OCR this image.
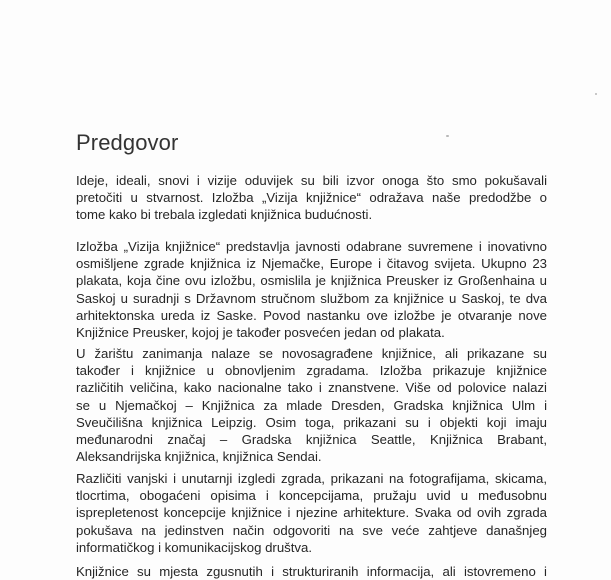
Predgovor
Ideje, ideali, snovi i vizije oduvijek su bili izvor onoga što smo pokušavali
pretočiti u stvarnost. Izložba „Vizija knjižnice“ odražava naše predodžbe o
tome kako bi trebala izgledati knjižnica budućnosti.
Izložba „Vizija knjižnice“ predstavlja javnosti odabrane suvremene i inovativno
osmišljene zgrade knjižnica iz Njemačke, Europe i čitavog svijeta. Ukupno 23
plakata, koja čine ovu izložbu, osmislila je knjižnica Preusker iz Großenhaina u
Saskoj u suradnji s Državnom stručnom službom za knjižnice u Saskoj, te dva
arhitektonska ureda iz Saske. Povod nastanku ove izložbe je otvaranje nove
Knjižnice Preusker, kojoj je također posvećen jedan od plakata.
U žarištu zanimanja nalaze se novosagrađene knjižnice, ali prikazane su
također i knjižnice u obnovljenim zgradama. Izložba prikazuje knjižnice
različitih veličina, kako nacionalne tako i znanstvene. Više od polovice nalazi
se u Njemačkoj – Knjižnica za mlade Dresden, Gradska knjižnica Ulm i
Sveučilišna knjižnica Leipzig. Osim toga, prikazani su i objekti koji imaju
međunarodni značaj – Gradska knjižnica Seattle, Knjižnica Brabant,
Aleksandrijska knjižnica, knjižnica Sendai.
Različiti vanjski i unutarnji izgledi zgrada, prikazani na fotografijama, skicama,
tlocrtima, obogaćeni opisima i koncepcijama, pružaju uvid u međusobnu
isprepletenost koncepcije knjižnice i njezine arhitekture. Svaka od ovih zgrada
pokušava na jedinstven način odgovoriti na sve veće zahtjeve današnjeg
informatičkog i komunikacijskog društva.
Knjižnice su mjesta zgusnutih i strukturiranih informacija, ali istovremeno i
